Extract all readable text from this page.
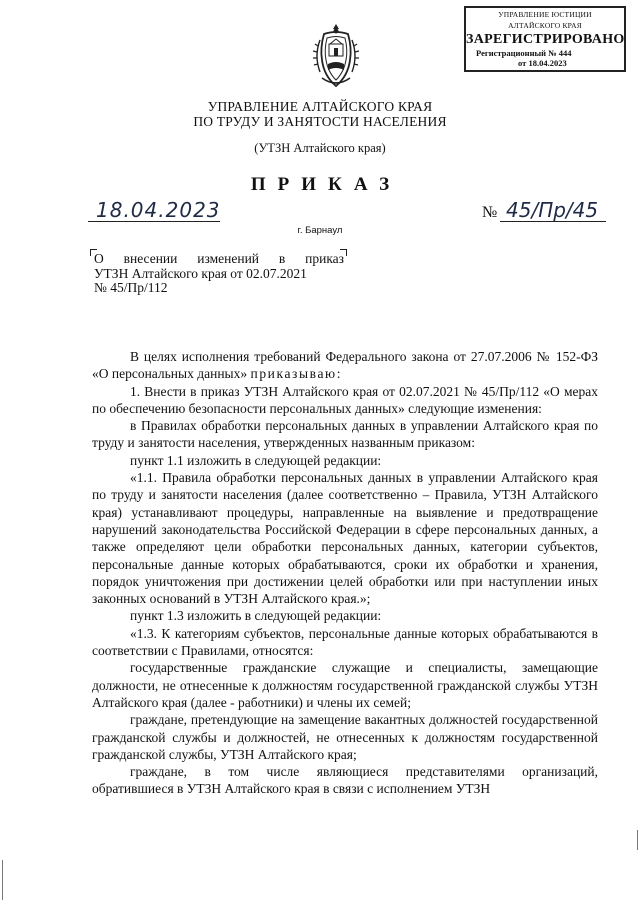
УПРАВЛЕНИЕ ЮСТИЦИИ
АЛТАЙСКОГО КРАЯ
ЗАРЕГИСТРИРОВАНО
Регистрационный № 444
от 18.04.2023
УПРАВЛЕНИЕ АЛТАЙСКОГО КРАЯ
ПО ТРУДУ И ЗАНЯТОСТИ НАСЕЛЕНИЯ
(УТЗН Алтайского края)
ПРИКАЗ
18.04.2023	№ 45/Пр/45
г. Барнаул
О внесении изменений в приказ
УТЗН Алтайского края от 02.07.2021
№ 45/Пр/112

В целях исполнения требований Федерального закона от 27.07.2006 № 152-ФЗ «О персональных данных» приказываю:

1. Внести в приказ УТЗН Алтайского края от 02.07.2021 № 45/Пр/112 «О мерах по обеспечению безопасности персональных данных» следующие изменения:

в Правилах обработки персональных данных в управлении Алтайского края по труду и занятости населения, утвержденных названным приказом:

пункт 1.1 изложить в следующей редакции:

«1.1. Правила обработки персональных данных в управлении Алтайского края по труду и занятости населения (далее соответственно – Правила, УТЗН Алтайского края) устанавливают процедуры, направленные на выявление и предотвращение нарушений законодательства Российской Федерации в сфере персональных данных, а также определяют цели обработки персональных данных, категории субъектов, персональные данные которых обрабатываются, сроки их обработки и хранения, порядок уничтожения при достижении целей обработки или при наступлении иных законных оснований в УТЗН Алтайского края.»;

пункт 1.3 изложить в следующей редакции:

«1.3. К категориям субъектов, персональные данные которых обрабатываются в соответствии с Правилами, относятся:

государственные гражданские служащие и специалисты, замещающие должности, не отнесенные к должностям государственной гражданской службы УТЗН Алтайского края (далее - работники) и члены их семей;

граждане, претендующие на замещение вакантных должностей государственной гражданской службы и должностей, не отнесенных к должностям государственной гражданской службы, УТЗН Алтайского края;

граждане, в том числе являющиеся представителями организаций, обратившиеся в УТЗН Алтайского края в связи с исполнением УТЗН
